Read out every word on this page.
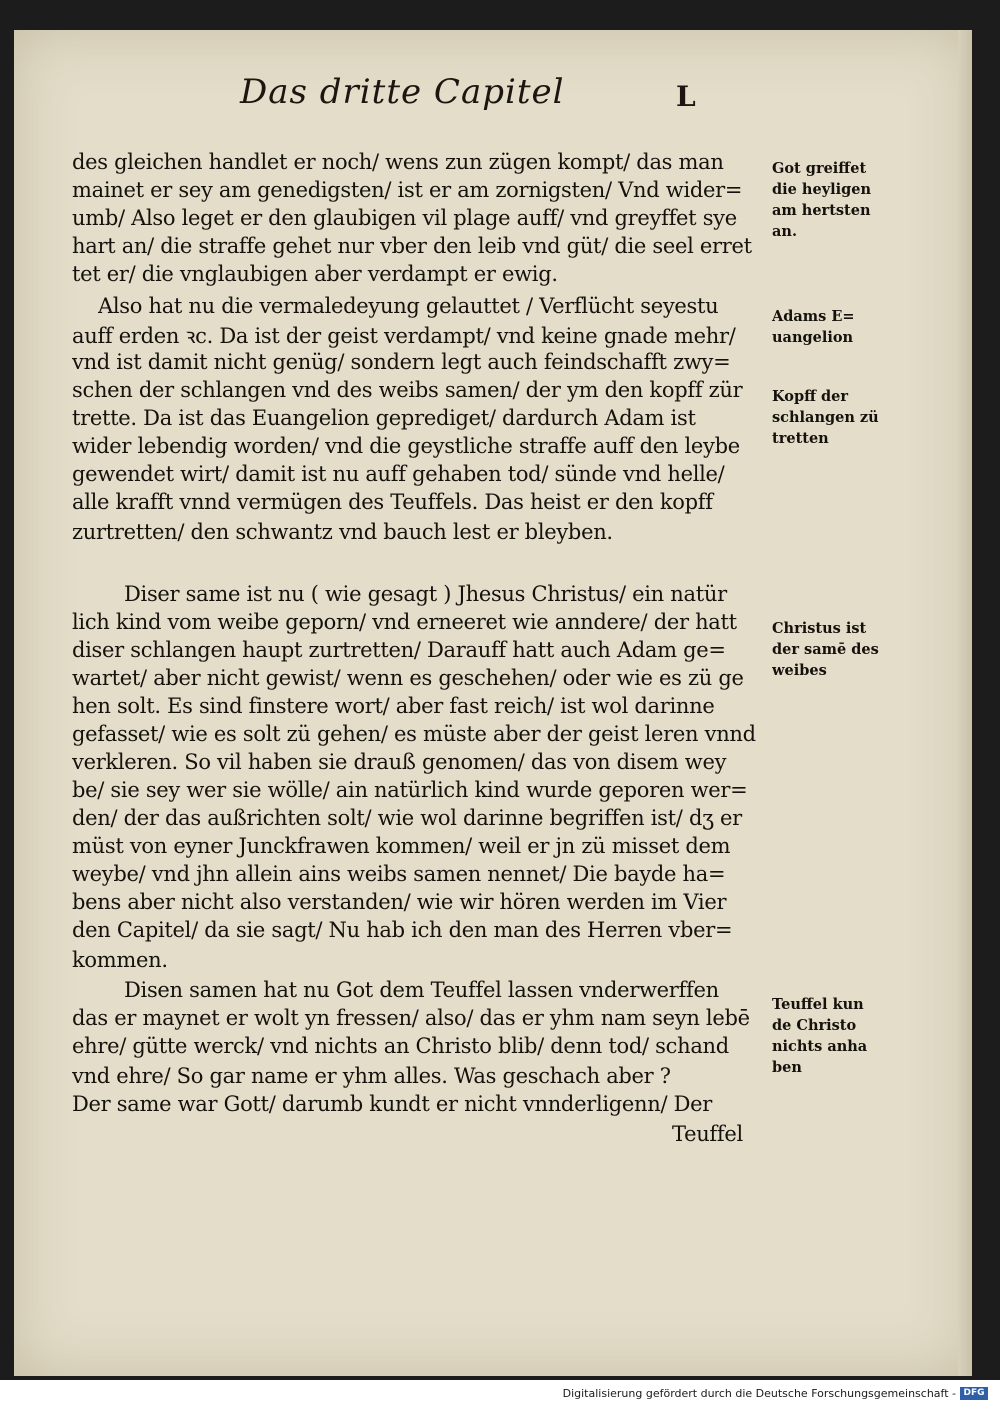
Das dritte Capitel	L
des gleichen handlet er noch/ wens zun zügen kompt/ das man
mainet er sey am genedigsten/ ist er am zornigsten/ Vnd wider=
umb/ Also leget er den glaubigen vil plage auff/ vnd greyffet sye
hart an/ die straffe gehet nur vber den leib vnd güt/ die seel erret
tet er/ die vnglaubigen aber verdampt er ewig.
Also hat nu die vermaledeyung gelauttet / Verflücht seyestu
auff erden ꝛc. Da ist der geist verdampt/ vnd keine gnade mehr/
vnd ist damit nicht genüg/ sondern legt auch feindschafft zwy=
schen der schlangen vnd des weibs samen/ der ym den kopff zür
trette. Da ist das Euangelion geprediget/ dardurch Adam ist
wider lebendig worden/ vnd die geystliche straffe auff den leybe
gewendet wirt/ damit ist nu auff gehaben tod/ sünde vnd helle/
alle krafft vnnd vermügen des Teuffels. Das heist er den kopff
zurtretten/ den schwantz vnd bauch lest er bleyben.
Diser same ist nu ( wie gesagt ) Jhesus Christus/ ein natür
lich kind vom weibe geporn/ vnd erneeret wie anndere/ der hatt
diser schlangen haupt zurtretten/ Darauff hatt auch Adam ge=
wartet/ aber nicht gewist/ wenn es geschehen/ oder wie es zü ge
hen solt. Es sind finstere wort/ aber fast reich/ ist wol darinne
gefasset/ wie es solt zü gehen/ es müste aber der geist leren vnnd
verkleren. So vil haben sie drauß genomen/ das von disem wey
be/ sie sey wer sie wölle/ ain natürlich kind wurde geporen wer=
den/ der das außrichten solt/ wie wol darinne begriffen ist/ dʒ er
müst von eyner Junckfrawen kommen/ weil er jn zü misset dem
weybe/ vnd jhn allein ains weibs samen nennet/ Die bayde ha=
bens aber nicht also verstanden/ wie wir hören werden im Vier
den Capitel/ da sie sagt/ Nu hab ich den man des Herren vber=
kommen.
Disen samen hat nu Got dem Teuffel lassen vnderwerffen
das er maynet er wolt yn fressen/ also/ das er yhm nam seyn lebē
ehre/ gütte werck/ vnd nichts an Christo blib/ denn tod/ schand
vnd ehre/ So gar name er yhm alles. Was geschach aber ?
Der same war Gott/ darumb kundt er nicht vnnderligenn/ Der
Teuffel
Got greiffet
die heyligen
am hertsten
an.
Adams E=
uangelion
Kopff der
schlangen zü
tretten
Christus ist
der samē des
weibes
Teuffel kun
de Christo
nichts anha
ben
Digitalisierung gefördert durch die Deutsche Forschungsgemeinschaft - DFG
